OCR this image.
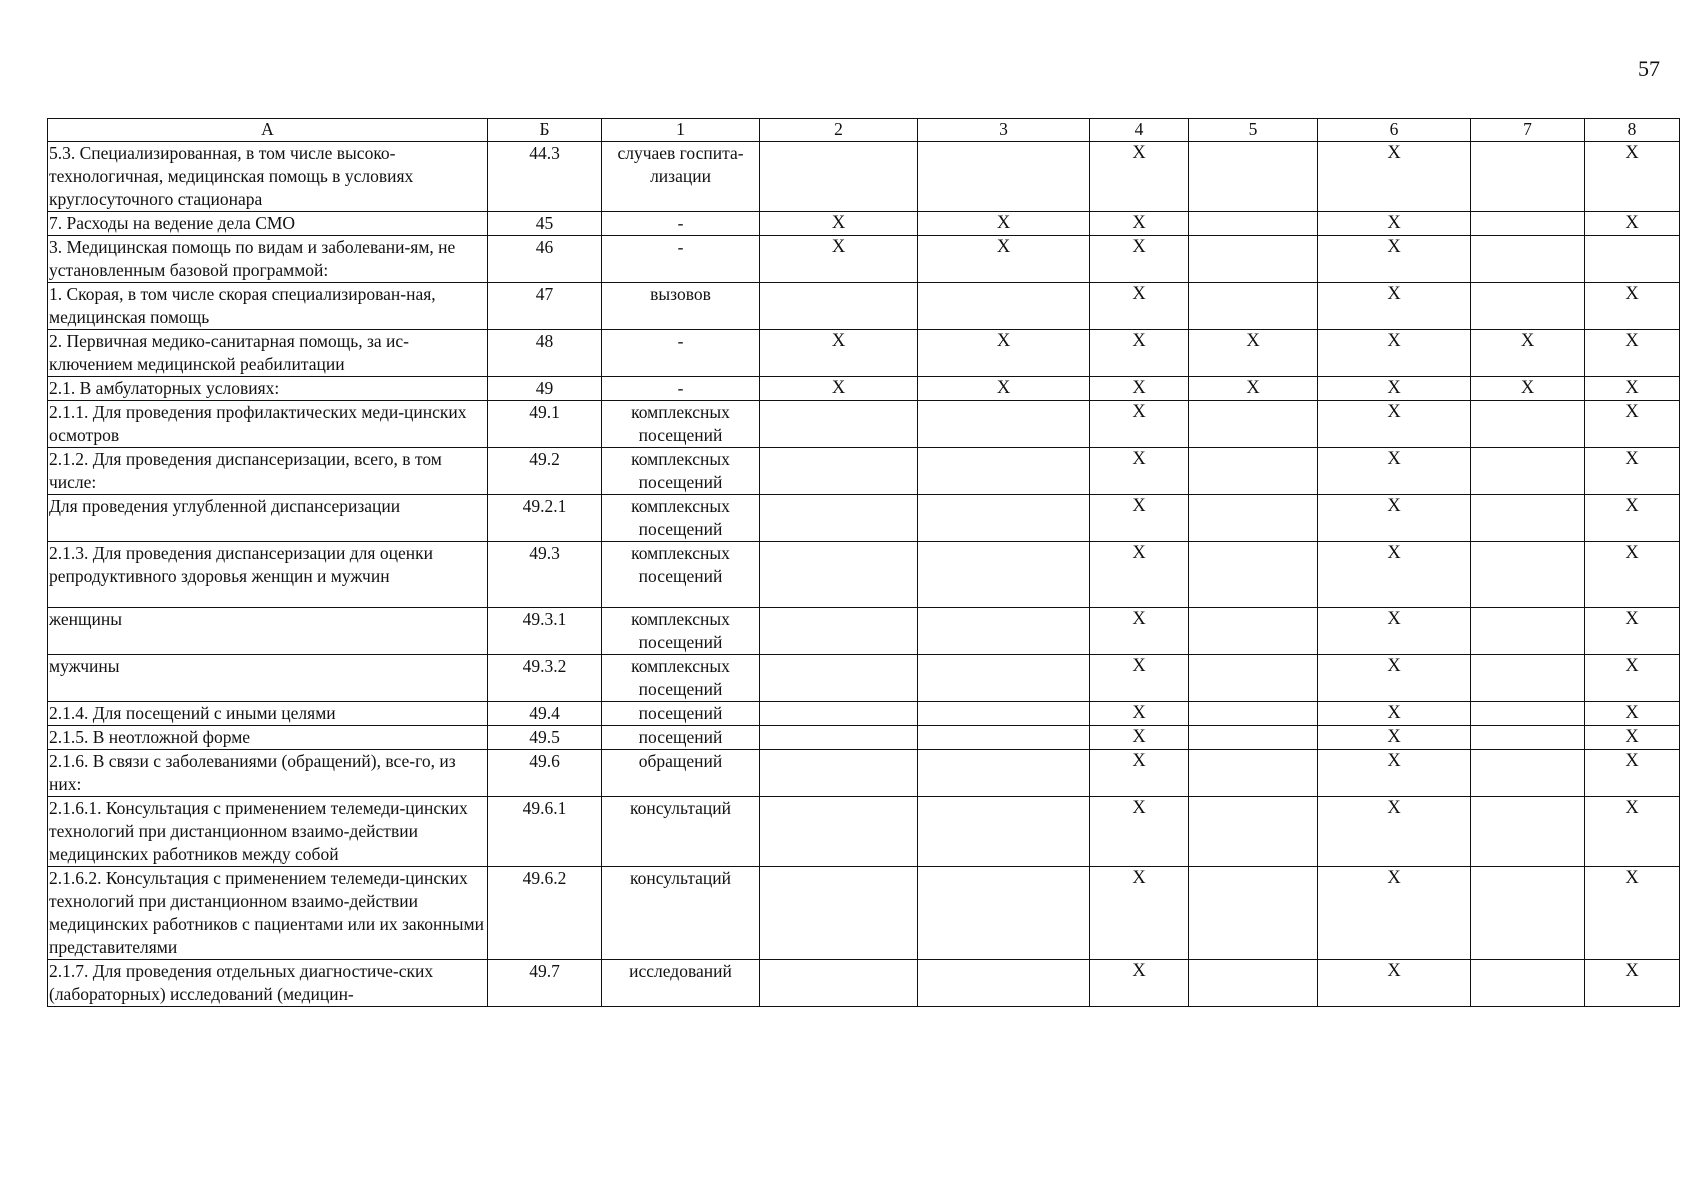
57
А	Б	1	2	3	4	5	6	7	8
5.3. Специализированная, в том числе высоко-технологичная, медицинская помощь в условиях круглосуточного стационара	44.3	случаев госпита-лизации			X		X		X
7. Расходы на ведение дела СМО	45	-	X	X	X		X		X
3. Медицинская помощь по видам и заболевани-ям, не установленным базовой программой:	46	-	X	X	X		X		
1. Скорая, в том числе скорая специализирован-ная, медицинская помощь	47	вызовов			X		X		X
2. Первичная медико-санитарная помощь, за ис-ключением медицинской реабилитации	48	-	X	X	X	X	X	X	X
2.1. В амбулаторных условиях:	49	-	X	X	X	X	X	X	X
2.1.1. Для проведения профилактических меди-цинских осмотров	49.1	комплексных посещений			X		X		X
2.1.2. Для проведения диспансеризации, всего, в том числе:	49.2	комплексных посещений			X		X		X
Для проведения углубленной диспансеризации	49.2.1	комплексных посещений			X		X		X
2.1.3. Для проведения диспансеризации для оценки репродуктивного здоровья женщин и мужчин	49.3	комплексных посещений			X		X		X
женщины	49.3.1	комплексных посещений			X		X		X
мужчины	49.3.2	комплексных посещений			X		X		X
2.1.4. Для посещений с иными целями	49.4	посещений			X		X		X
2.1.5. В неотложной форме	49.5	посещений			X		X		X
2.1.6. В связи с заболеваниями (обращений), все-го, из них:	49.6	обращений			X		X		X
2.1.6.1. Консультация с применением телемеди-цинских технологий при дистанционном взаимо-действии медицинских работников между собой	49.6.1	консультаций			X		X		X
2.1.6.2. Консультация с применением телемеди-цинских технологий при дистанционном взаимо-действии медицинских работников с пациентами или их законными представителями	49.6.2	консультаций			X		X		X
2.1.7. Для проведения отдельных диагностиче-ских (лабораторных) исследований (медицин-	49.7	исследований			X		X		X
